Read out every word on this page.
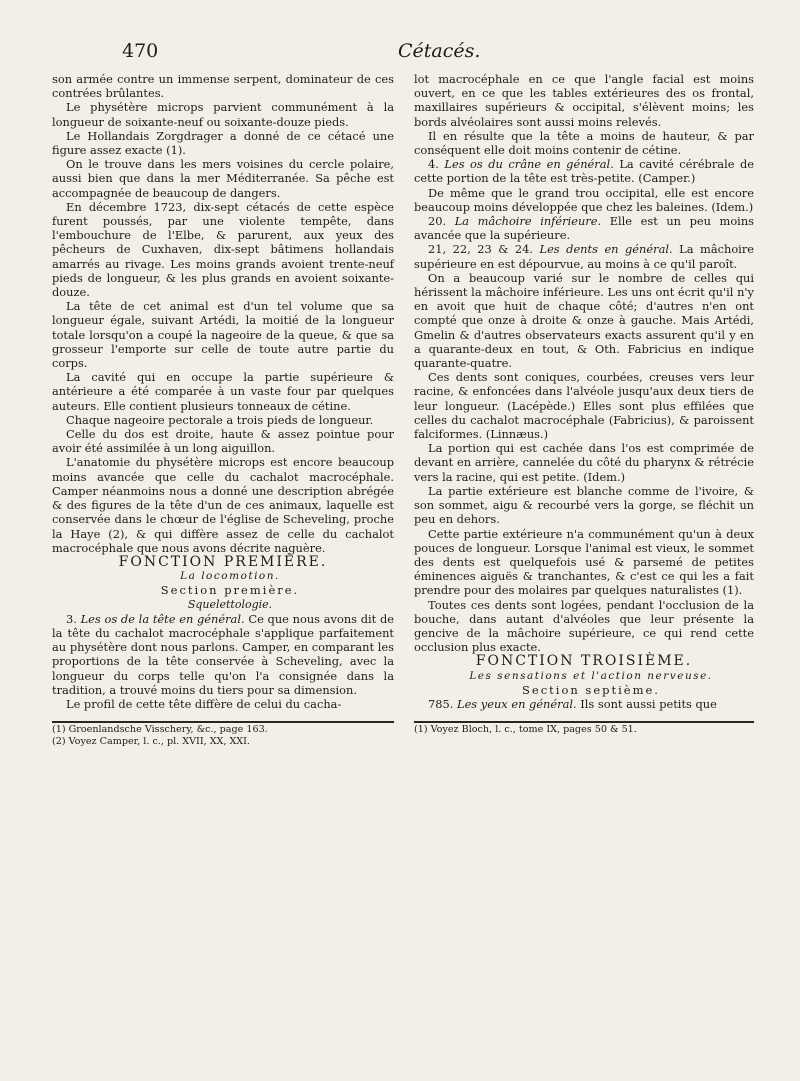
470	Cétacés.

son armée contre un immense serpent, dominateur de ces contrées brûlantes.

Le physétère microps parvient communément à la longueur de soixante-neuf ou soixante-douze pieds.

Le Hollandais Zorgdrager a donné de ce cétacé une figure assez exacte (1).

On le trouve dans les mers voisines du cercle polaire, aussi bien que dans la mer Méditerranée. Sa pêche est accompagnée de beaucoup de dangers.

En décembre 1723, dix-sept cétacés de cette espèce furent poussés, par une violente tempête, dans l'embouchure de l'Elbe, & parurent, aux yeux des pêcheurs de Cuxhaven, dix-sept bâtimens hollandais amarrés au rivage. Les moins grands avoient trente-neuf pieds de longueur, & les plus grands en avoient soixante-douze.

La tête de cet animal est d'un tel volume que sa longueur égale, suivant Artédi, la moitié de la longueur totale lorsqu'on a coupé la nageoire de la queue, & que sa grosseur l'emporte sur celle de toute autre partie du corps.

La cavité qui en occupe la partie supérieure & antérieure a été comparée à un vaste four par quelques auteurs. Elle contient plusieurs tonneaux de cétine.

Chaque nageoire pectorale a trois pieds de longueur.

Celle du dos est droite, haute & assez pointue pour avoir été assimilée à un long aiguillon.

L'anatomie du physétère microps est encore beaucoup moins avancée que celle du cachalot macrocéphale. Camper néanmoins nous a donné une description abrégée & des figures de la tête d'un de ces animaux, laquelle est conservée dans le chœur de l'église de Scheveling, proche la Haye (2), & qui diffère assez de celle du cachalot macrocéphale que nous avons décrite naguère.

FONCTION PREMIÈRE.

La locomotion.

Section première.

Squelettologie.

3. Les os de la tête en général. Ce que nous avons dit de la tête du cachalot macrocéphale s'applique parfaitement au physétère dont nous parlons. Camper, en comparant les proportions de la tête conservée à Scheveling, avec la longueur du corps telle qu'on l'a consignée dans la tradition, a trouvé moins du tiers pour sa dimension.

Le profil de cette tête diffère de celui du cacha-

(1) Groenlandsche Visschery, &c., page 163.

(2) Voyez Camper, l. c., pl. XVII, XX, XXI.

lot macrocéphale en ce que l'angle facial est moins ouvert, en ce que les tables extérieures des os frontal, maxillaires supérieurs & occipital, s'élèvent moins; les bords alvéolaires sont aussi moins relevés.

Il en résulte que la tête a moins de hauteur, & par conséquent elle doit moins contenir de cétine.

4. Les os du crâne en général. La cavité cérébrale de cette portion de la tête est très-petite. (Camper.)

De même que le grand trou occipital, elle est encore beaucoup moins développée que chez les baleines. (Idem.)

20. La mâchoire inférieure. Elle est un peu moins avancée que la supérieure.

21, 22, 23 & 24. Les dents en général. La mâchoire supérieure en est dépourvue, au moins à ce qu'il paroît.

On a beaucoup varié sur le nombre de celles qui hérissent la mâchoire inférieure. Les uns ont écrit qu'il n'y en avoit que huit de chaque côté; d'autres n'en ont compté que onze à droite & onze à gauche. Mais Artédi, Gmelin & d'autres observateurs exacts assurent qu'il y en a quarante-deux en tout, & Oth. Fabricius en indique quarante-quatre.

Ces dents sont coniques, courbées, creuses vers leur racine, & enfoncées dans l'alvéole jusqu'aux deux tiers de leur longueur. (Lacépède.) Elles sont plus effilées que celles du cachalot macrocéphale (Fabricius), & paroissent falciformes. (Linnæus.)

La portion qui est cachée dans l'os est comprimée de devant en arrière, cannelée du côté du pharynx & rétrécie vers la racine, qui est petite. (Idem.)

La partie extérieure est blanche comme de l'ivoire, & son sommet, aigu & recourbé vers la gorge, se fléchit un peu en dehors.

Cette partie extérieure n'a communément qu'un à deux pouces de longueur. Lorsque l'animal est vieux, le sommet des dents est quelquefois usé & parsemé de petites éminences aiguës & tranchantes, & c'est ce qui les a fait prendre pour des molaires par quelques naturalistes (1).

Toutes ces dents sont logées, pendant l'occlusion de la bouche, dans autant d'alvéoles que leur présente la gencive de la mâchoire supérieure, ce qui rend cette occlusion plus exacte.

FONCTION TROISIÈME.

Les sensations et l'action nerveuse.

Section septième.

785. Les yeux en général. Ils sont aussi petits que

(1) Voyez Bloch, l. c., tome IX, pages 50 & 51.
